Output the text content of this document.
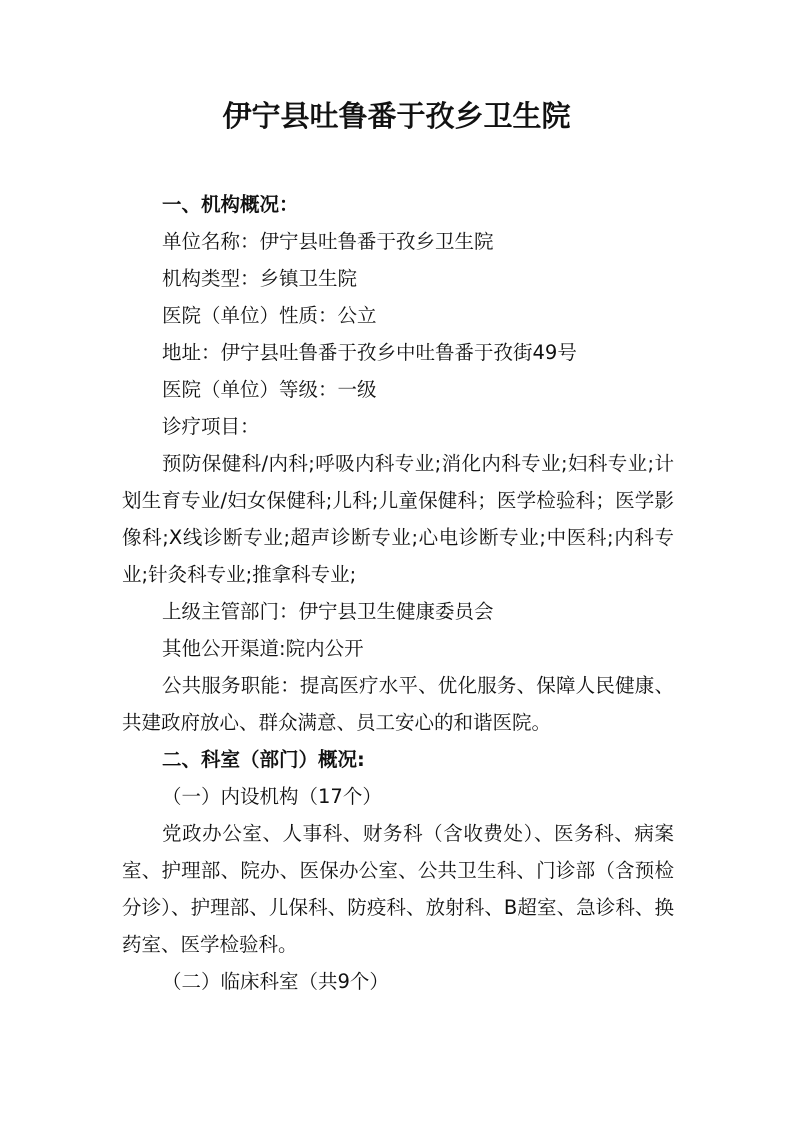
伊宁县吐鲁番于孜乡卫生院

一、机构概况：

单位名称：伊宁县吐鲁番于孜乡卫生院

机构类型：乡镇卫生院

医院（单位）性质：公立

地址：伊宁县吐鲁番于孜乡中吐鲁番于孜街49号

医院（单位）等级：一级

诊疗项目：

预防保健科/内科;呼吸内科专业;消化内科专业;妇科专业;计划生育专业/妇女保健科;儿科;儿童保健科；医学检验科；医学影像科;X线诊断专业;超声诊断专业;心电诊断专业;中医科;内科专业;针灸科专业;推拿科专业;

上级主管部门：伊宁县卫生健康委员会

其他公开渠道:院内公开

公共服务职能：提高医疗水平、优化服务、保障人民健康、共建政府放心、群众满意、员工安心的和谐医院。

二、科室（部门）概况:

（一）内设机构（17个）

党政办公室、人事科、财务科（含收费处）、医务科、病案室、护理部、院办、医保办公室、公共卫生科、门诊部（含预检分诊）、护理部、儿保科、防疫科、放射科、B超室、急诊科、换药室、医学检验科。

（二）临床科室（共9个）
